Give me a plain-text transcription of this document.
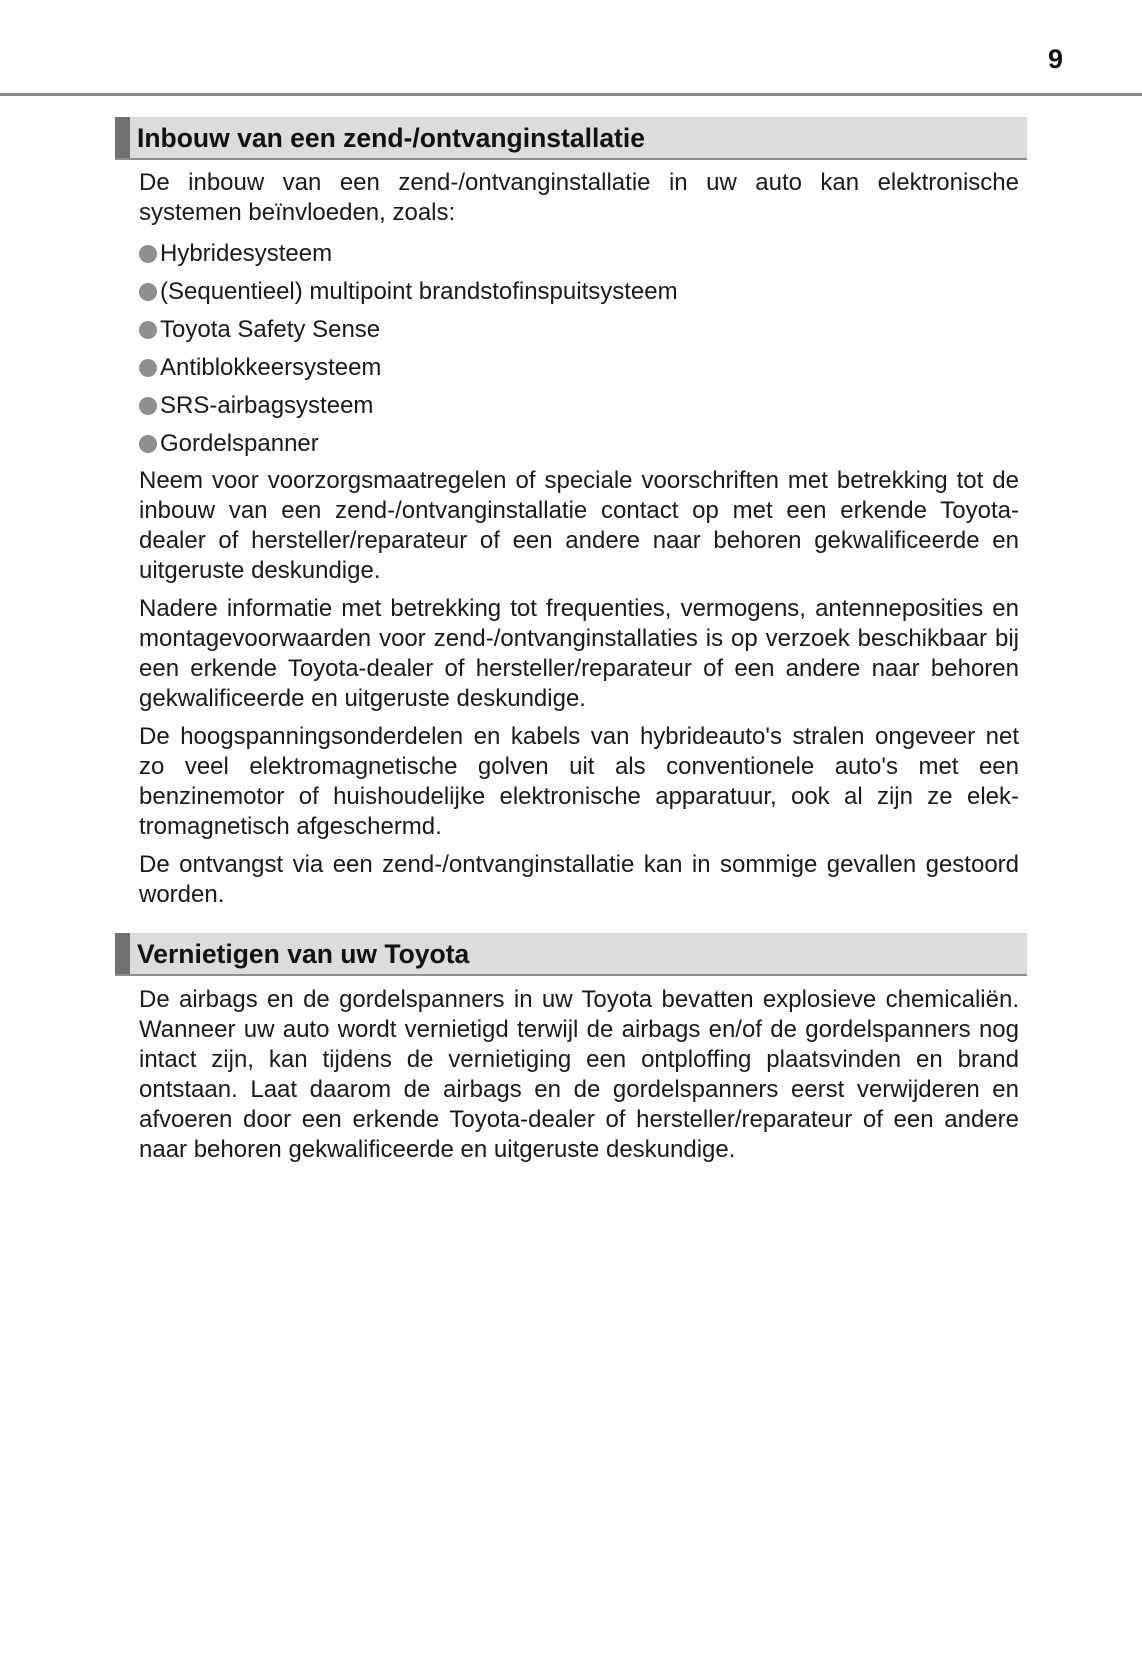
9
Inbouw van een zend-/ontvanginstallatie
De inbouw van een zend-/ontvanginstallatie in uw auto kan elektronische systemen beïnvloeden, zoals:
Hybridesysteem
(Sequentieel) multipoint brandstofinspuitsysteem
Toyota Safety Sense
Antiblokkeersysteem
SRS-airbagsysteem
Gordelspanner
Neem voor voorzorgsmaatregelen of speciale voorschriften met betrekking tot de inbouw van een zend-/ontvanginstallatie contact op met een erkende Toyota-dealer of hersteller/reparateur of een andere naar behoren gekwalificeerde en uitgeruste deskundige.
Nadere informatie met betrekking tot frequenties, vermogens, antenneposities en montagevoorwaarden voor zend-/ontvanginstallaties is op verzoek beschikbaar bij een erkende Toyota-dealer of hersteller/reparateur of een andere naar behoren gekwalificeerde en uitgeruste deskundige.
De hoogspanningsonderdelen en kabels van hybrideauto's stralen ongeveer net zo veel elektromagnetische golven uit als conventionele auto's met een benzinemotor of huishoudelijke elektronische apparatuur, ook al zijn ze elektromagnetisch afgeschermd.
De ontvangst via een zend-/ontvanginstallatie kan in sommige gevallen gestoord worden.
Vernietigen van uw Toyota
De airbags en de gordelspanners in uw Toyota bevatten explosieve chemicaliën. Wanneer uw auto wordt vernietigd terwijl de airbags en/of de gordelspanners nog intact zijn, kan tijdens de vernietiging een ontploffing plaatsvinden en brand ontstaan. Laat daarom de airbags en de gordelspanners eerst verwijderen en afvoeren door een erkende Toyota-dealer of hersteller/reparateur of een andere naar behoren gekwalificeerde en uitgeruste deskundige.
